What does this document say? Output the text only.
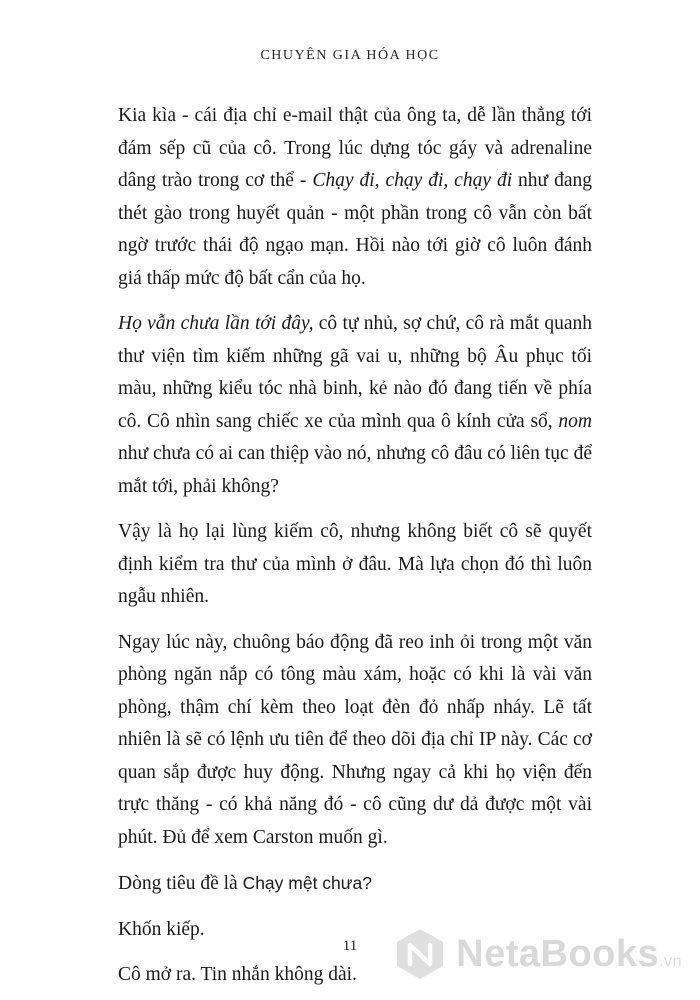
CHUYÊN GIA HÓA HỌC

Kia kìa - cái địa chỉ e-mail thật của ông ta, dễ lần thẳng tới đám sếp cũ của cô. Trong lúc dựng tóc gáy và adrenaline dâng trào trong cơ thể - Chạy đi, chạy đi, chạy đi như đang thét gào trong huyết quản - một phần trong cô vẫn còn bất ngờ trước thái độ ngạo mạn. Hồi nào tới giờ cô luôn đánh giá thấp mức độ bất cẩn của họ.

Họ vẫn chưa lần tới đây, cô tự nhủ, sợ chứ, cô rà mắt quanh thư viện tìm kiếm những gã vai u, những bộ Âu phục tối màu, những kiểu tóc nhà binh, kẻ nào đó đang tiến về phía cô. Cô nhìn sang chiếc xe của mình qua ô kính cửa sổ, nom như chưa có ai can thiệp vào nó, nhưng cô đâu có liên tục để mắt tới, phải không?

Vậy là họ lại lùng kiếm cô, nhưng không biết cô sẽ quyết định kiểm tra thư của mình ở đâu. Mà lựa chọn đó thì luôn ngẫu nhiên.

Ngay lúc này, chuông báo động đã reo inh ỏi trong một văn phòng ngăn nắp có tông màu xám, hoặc có khi là vài văn phòng, thậm chí kèm theo loạt đèn đỏ nhấp nháy. Lẽ tất nhiên là sẽ có lệnh ưu tiên để theo dõi địa chỉ IP này. Các cơ quan sắp được huy động. Nhưng ngay cả khi họ viện đến trực thăng - có khả năng đó - cô cũng dư dả được một vài phút. Đủ để xem Carston muốn gì.

Dòng tiêu đề là Chạy mệt chưa?

Khốn kiếp.

Cô mở ra. Tin nhắn không dài.

11	NetaBooks.vn
